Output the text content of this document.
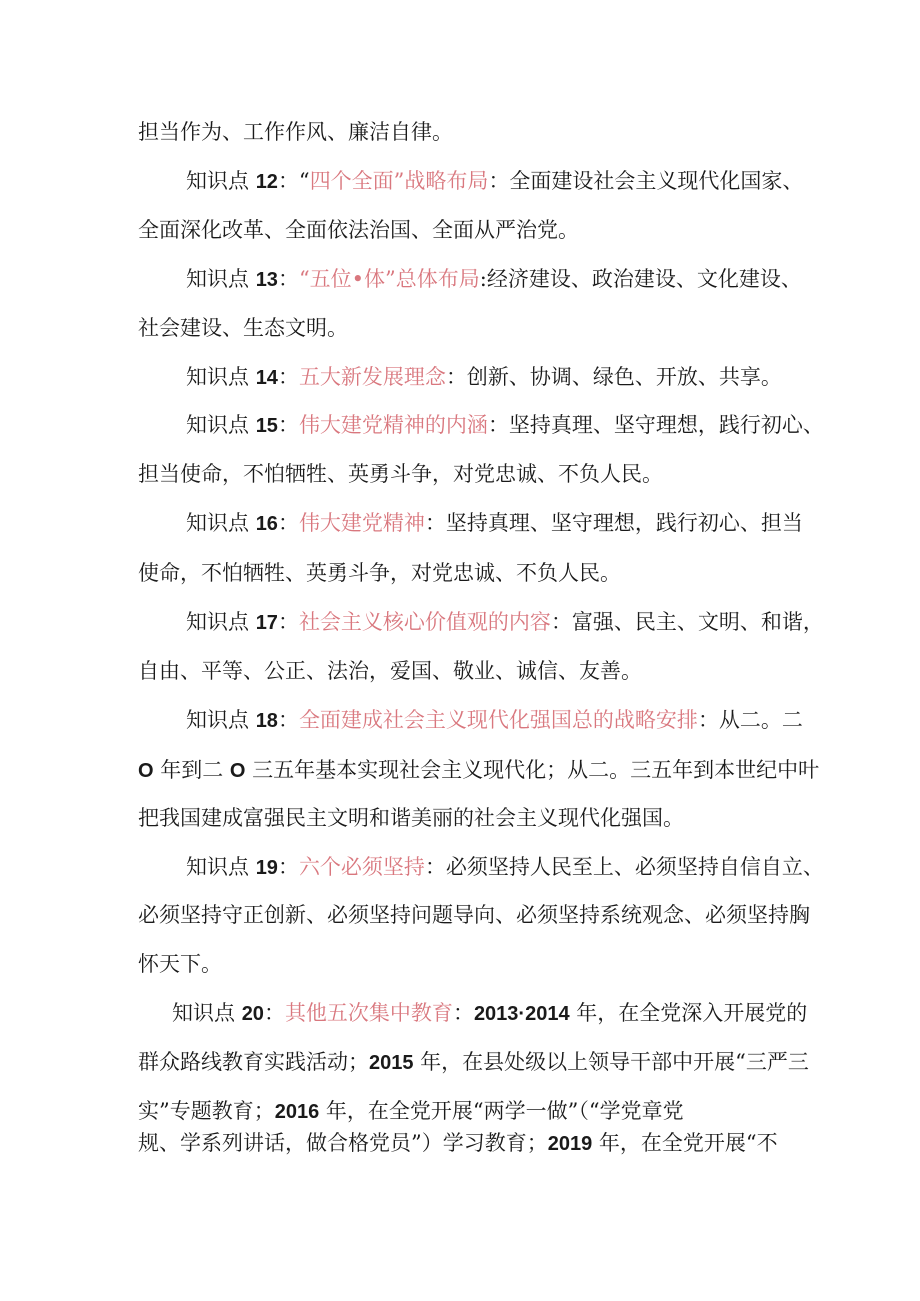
担当作为、工作作风、廉洁自律。
知识点 12：“四个全面”战略布局：全面建设社会主义现代化国家、
全面深化改革、全面依法治国、全面从严治党。
知识点 13：“五位•体”总体布局:经济建设、政治建设、文化建设、
社会建设、生态文明。
知识点 14：五大新发展理念：创新、协调、绿色、开放、共享。
知识点 15：伟大建党精神的内涵：坚持真理、坚守理想，践行初心、
担当使命，不怕牺牲、英勇斗争，对党忠诚、不负人民。
知识点 16：伟大建党精神：坚持真理、坚守理想，践行初心、担当
使命，不怕牺牲、英勇斗争，对党忠诚、不负人民。
知识点 17：社会主义核心价值观的内容：富强、民主、文明、和谐，
自由、平等、公正、法治，爱国、敬业、诚信、友善。
知识点 18：全面建成社会主义现代化强国总的战略安排：从二。二
O 年到二 O 三五年基本实现社会主义现代化；从二。三五年到本世纪中叶
把我国建成富强民主文明和谐美丽的社会主义现代化强国。
知识点 19：六个必须坚持：必须坚持人民至上、必须坚持自信自立、
必须坚持守正创新、必须坚持问题导向、必须坚持系统观念、必须坚持胸
怀天下。
知识点 20：其他五次集中教育：2013·2014 年，在全党深入开展党的
群众路线教育实践活动；2015 年，在县处级以上领导干部中开展“三严三
实”专题教育；2016 年，在全党开展“两学一做”（“学党章党
规、学系列讲话，做合格党员”）学习教育；2019 年，在全党开展“不
